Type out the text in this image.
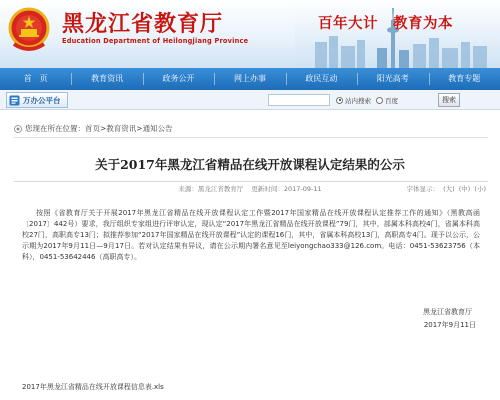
黑龙江省教育厅
Education Department of Heilongjiang Province
百年大计　教育为本
首　页	教育资讯	政务公开	网上办事	政民互动	阳光高考	教育专题
万办公平台	站内搜索 百度	搜索
您现在所在位置：首页>教育资讯>通知公告
关于2017年黑龙江省精品在线开放课程认定结果的公示
来源：黑龙江省教育厅 更新时间：2017-09-11	字体显示： (大) (中) (小)

按照《省教育厅关于开展2017年黑龙江省精品在线开放课程认定工作暨2017年国家精品在线开放课程认定推荐工作的通知》（黑教高函〔2017〕442号）要求，我厅组织专家组进行评审认定，现认定“2017年黑龙江省精品在线开放课程”79门，其中，部属本科高校4门，省属本科高校27门，高职高专13门；拟推荐参加“2017年国家精品在线开放课程”认定的课程16门，其中，省属本科高校13门，高职高专4门。现予以公示，公示期为2017年9月11日—9月17日。若对认定结果有异议，请在公示期内署名意见至leiyongchao333@126.com。电话：0451-53623756（本科），0451-53642446（高职高专）。

黑龙江省教育厅
2017年9月11日
2017年黑龙江省精品在线开放课程信息表.xls
